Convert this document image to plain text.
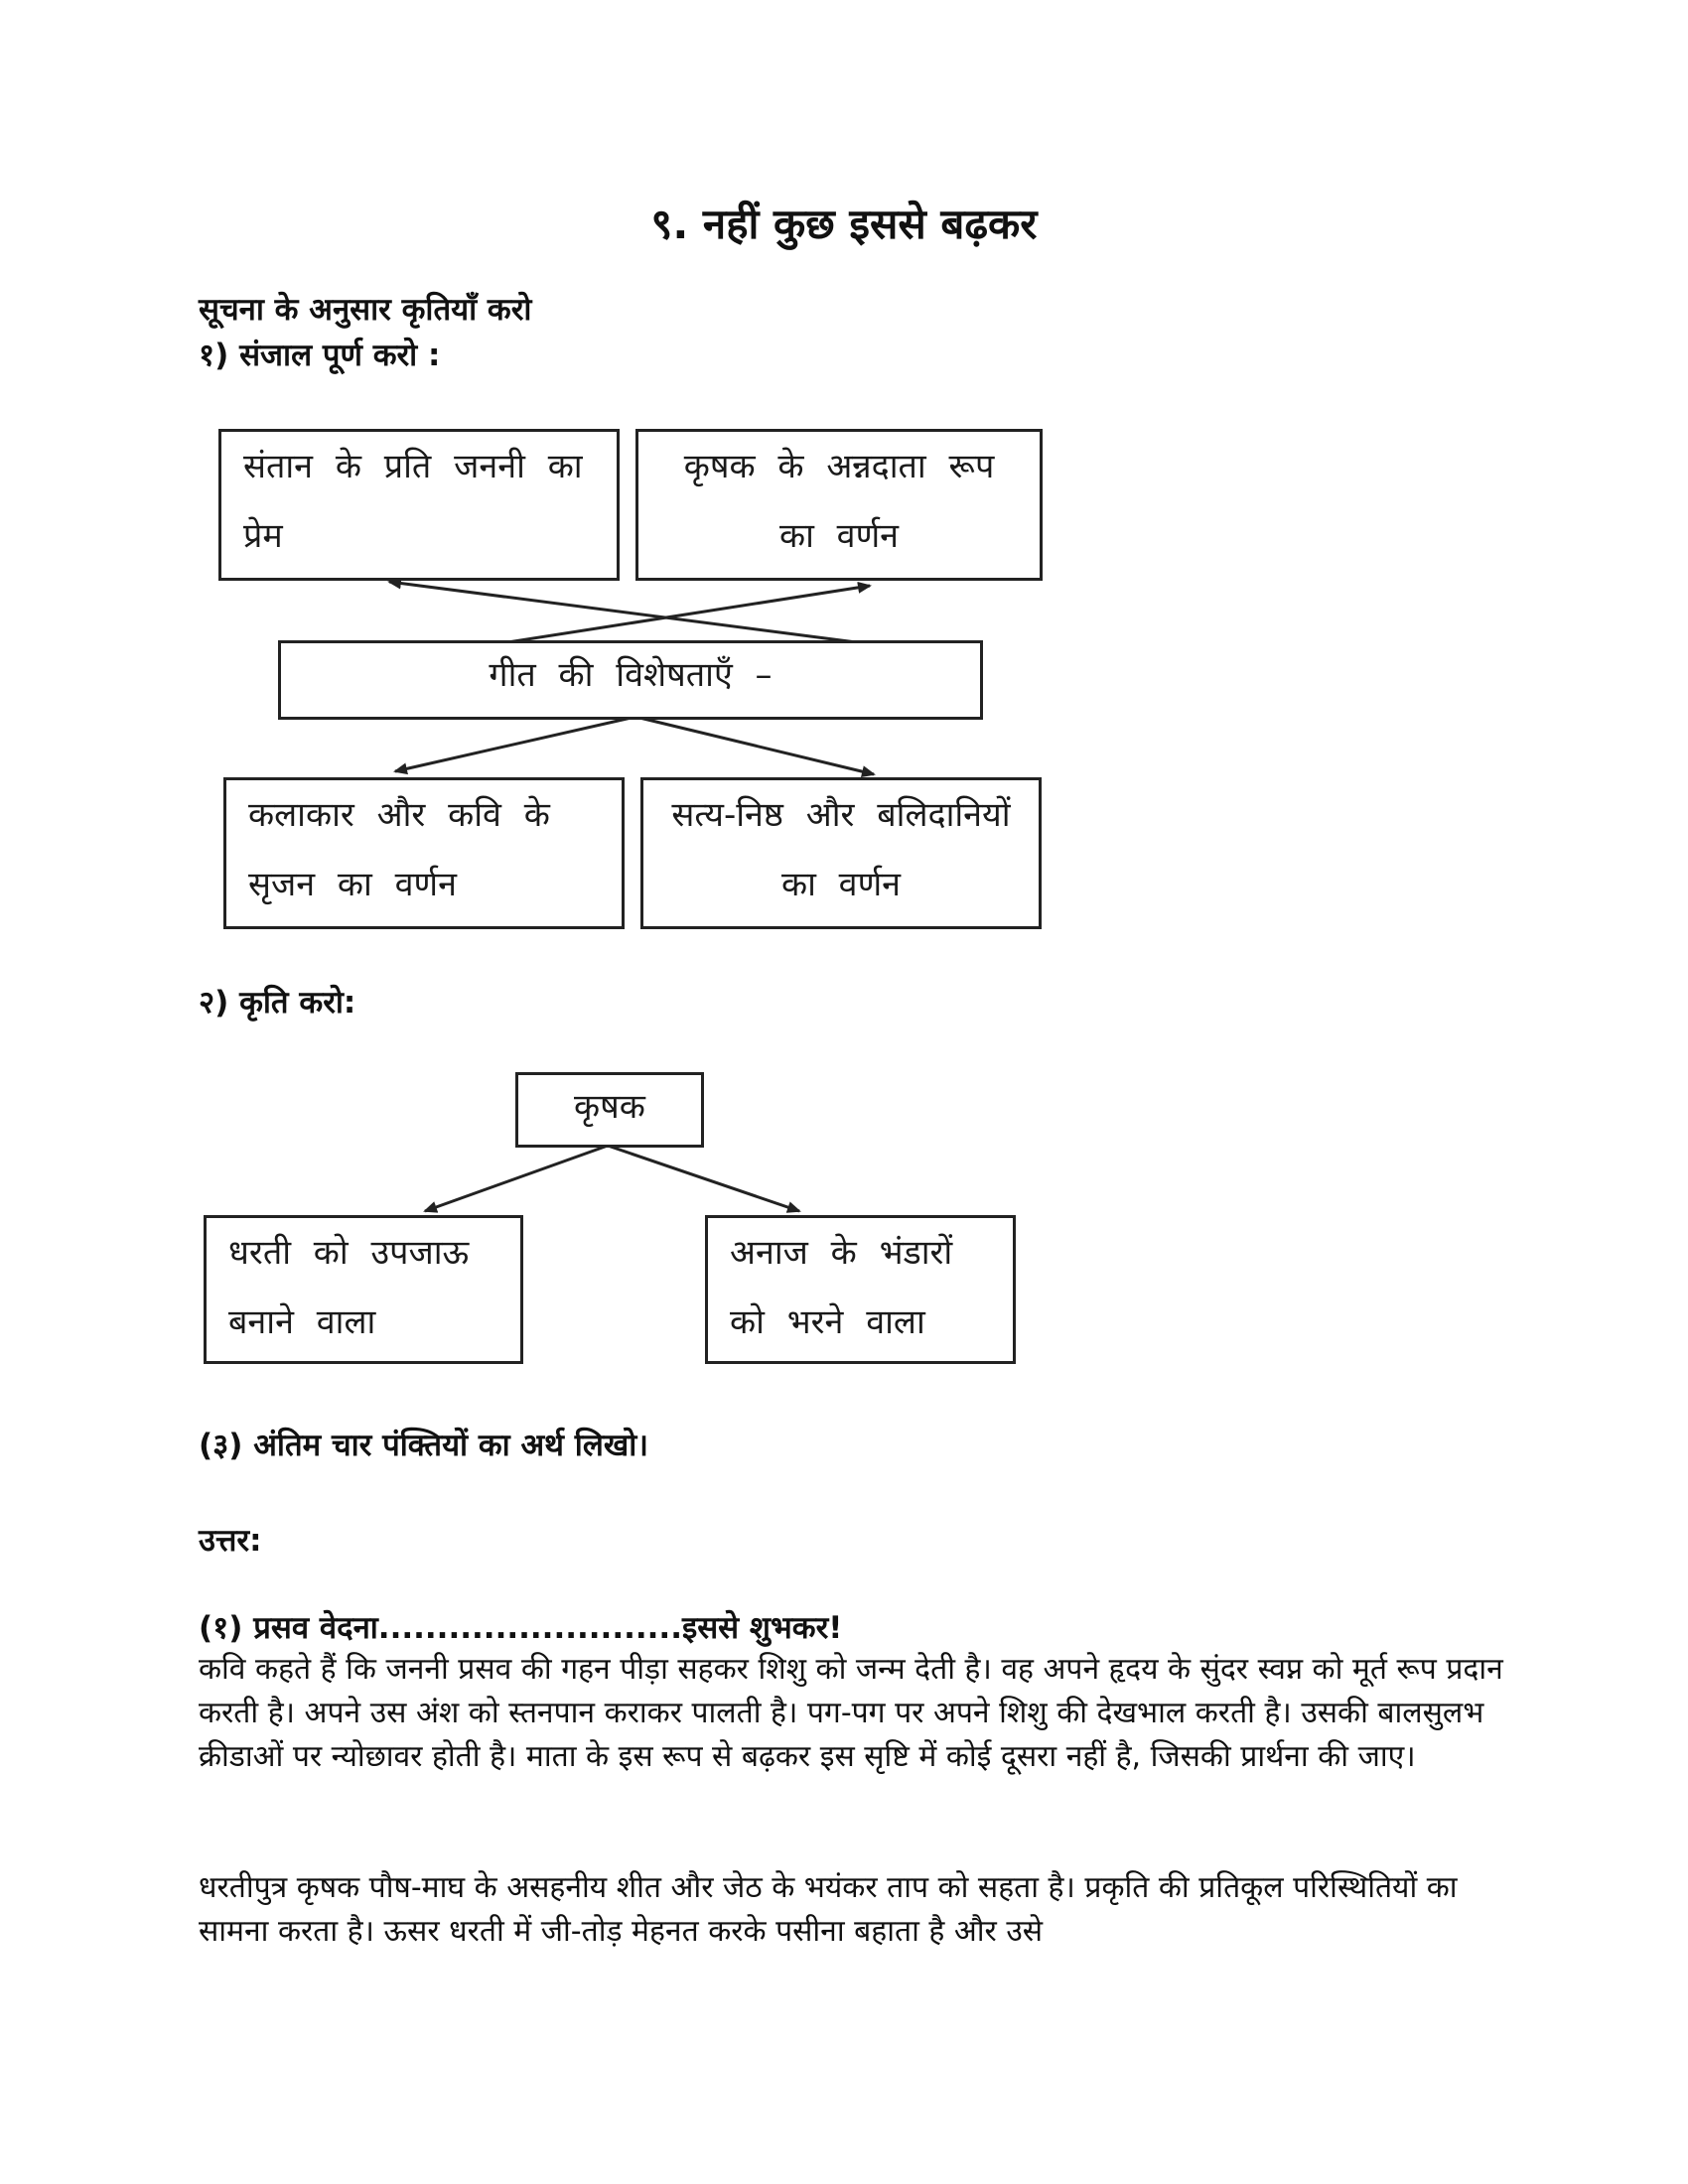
९. नहीं कुछ इससे बढ़कर
सूचना के अनुसार कृतियाँ करो
१) संजाल पूर्ण करो :
संतान के प्रति जननी का प्रेम
कृषक के अन्नदाता रूप का वर्णन
गीत की विशेषताएँ –
कलाकार और कवि के सृजन का वर्णन
सत्य-निष्ठ और बलिदानियों का वर्णन
२) कृति करो:
कृषक
धरती को उपजाऊ बनाने वाला
अनाज के भंडारों को भरने वाला
(३) अंतिम चार पंक्तियों का अर्थ लिखो।
उत्तर:
(१) प्रसव वेदना..........................इससे शुभकर!
कवि कहते हैं कि जननी प्रसव की गहन पीड़ा सहकर शिशु को जन्म देती है। वह अपने हृदय के सुंदर स्वप्न को मूर्त रूप प्रदान करती है। अपने उस अंश को स्तनपान कराकर पालती है। पग-पग पर अपने शिशु की देखभाल करती है। उसकी बालसुलभ क्रीडाओं पर न्योछावर होती है। माता के इस रूप से बढ़कर इस सृष्टि में कोई दूसरा नहीं है, जिसकी प्रार्थना की जाए।
धरतीपुत्र कृषक पौष-माघ के असहनीय शीत और जेठ के भयंकर ताप को सहता है। प्रकृति की प्रतिकूल परिस्थितियों का सामना करता है। ऊसर धरती में जी-तोड़ मेहनत करके पसीना बहाता है और उसे
